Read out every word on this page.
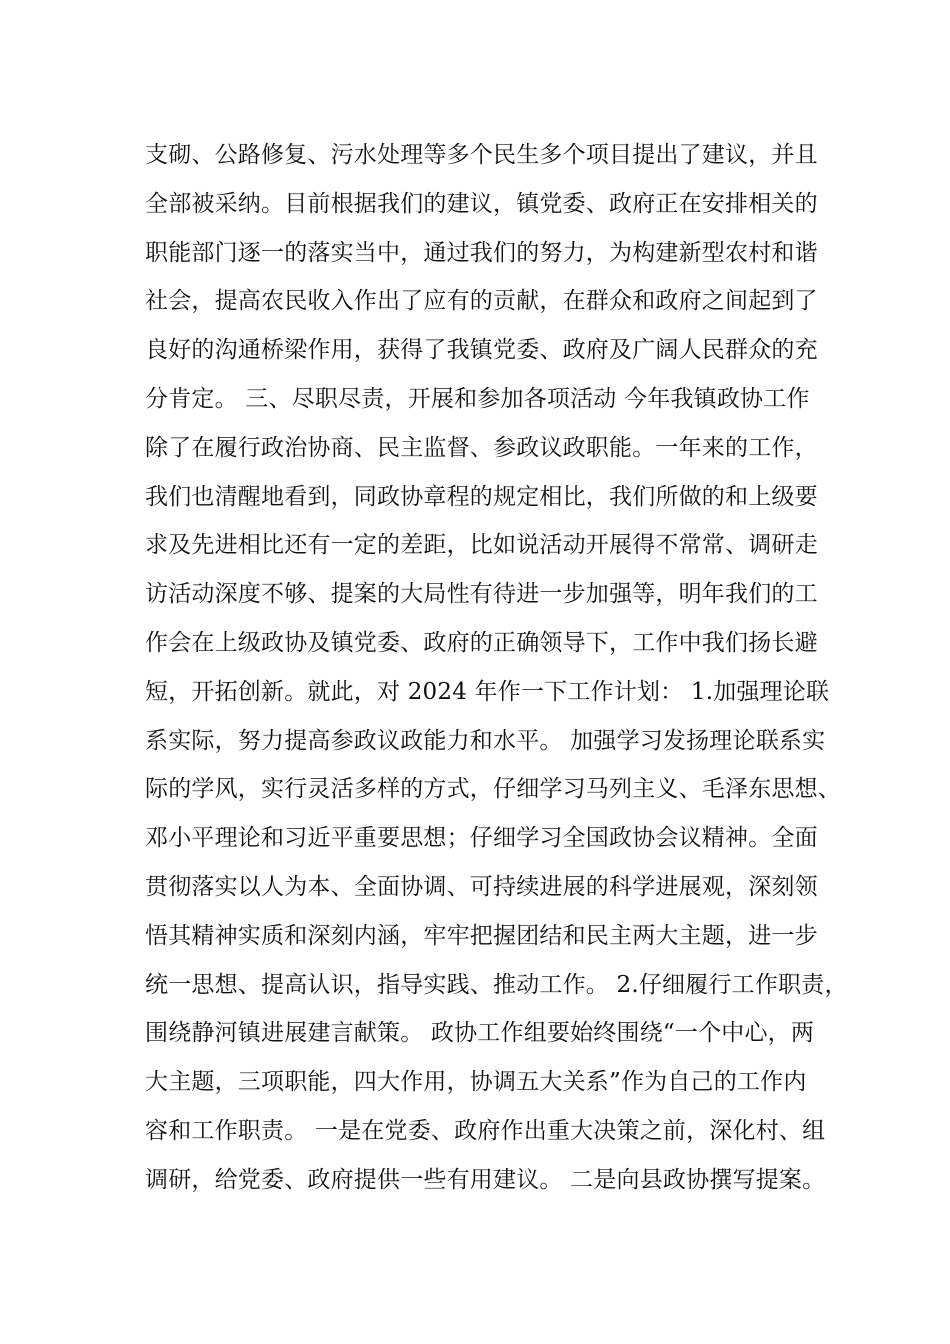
支砌、公路修复、污水处理等多个民生多个项目提出了建议，并且
全部被采纳。目前根据我们的建议，镇党委、政府正在安排相关的
职能部门逐一的落实当中，通过我们的努力，为构建新型农村和谐
社会，提高农民收入作出了应有的贡献，在群众和政府之间起到了
良好的沟通桥梁作用，获得了我镇党委、政府及广阔人民群众的充
分肯定。 三、尽职尽责，开展和参加各项活动 今年我镇政协工作
除了在履行政治协商、民主监督、参政议政职能。一年来的工作，
我们也清醒地看到，同政协章程的规定相比，我们所做的和上级要
求及先进相比还有一定的差距，比如说活动开展得不常常、调研走
访活动深度不够、提案的大局性有待进一步加强等，明年我们的工
作会在上级政协及镇党委、政府的正确领导下，工作中我们扬长避
短，开拓创新。就此，对 2024 年作一下工作计划： 1.加强理论联
系实际，努力提高参政议政能力和水平。 加强学习发扬理论联系实
际的学风，实行灵活多样的方式，仔细学习马列主义、毛泽东思想、
邓小平理论和习近平重要思想；仔细学习全国政协会议精神。全面
贯彻落实以人为本、全面协调、可持续进展的科学进展观，深刻领
悟其精神实质和深刻内涵，牢牢把握团结和民主两大主题，进一步
统一思想、提高认识，指导实践、推动工作。 2.仔细履行工作职责，
围绕静河镇进展建言献策。 政协工作组要始终围绕“一个中心，两
大主题，三项职能，四大作用，协调五大关系”作为自己的工作内
容和工作职责。 一是在党委、政府作出重大决策之前，深化村、组
调研，给党委、政府提供一些有用建议。 二是向县政协撰写提案。
